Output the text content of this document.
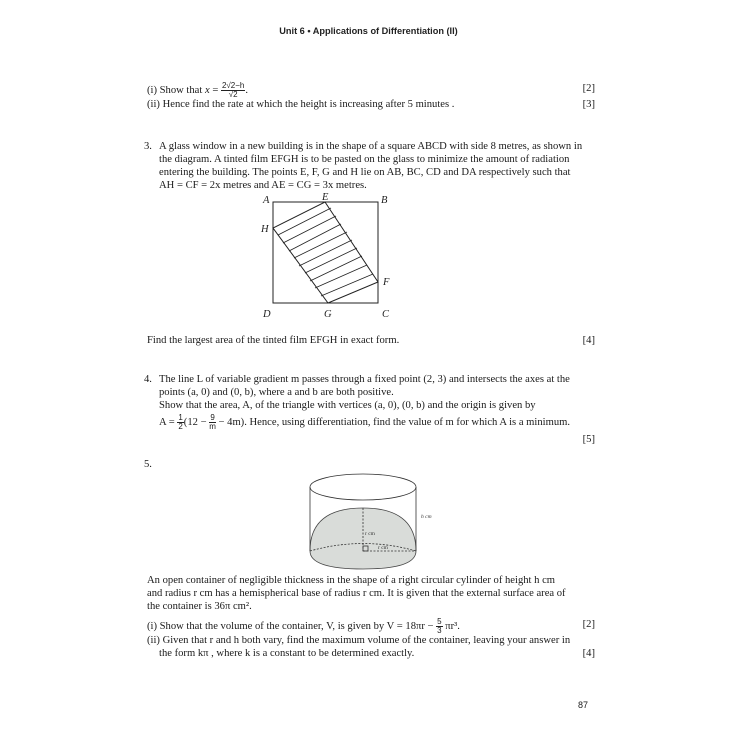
Unit 6 • Applications of Differentiation (II)
(i) Show that $x = \frac{2√2-h}{√2}$ .	[2]
(ii) Hence find the rate at which the height is increasing after 5 minutes .	[3]
3. A glass window in a new building is in the shape of a square ABCD with side 8 metres, as shown in
the diagram. A tinted film EFGH is to be pasted on the glass to minimize the amount of radiation
entering the building. The points E, F, G and H lie on AB, BC, CD and DA respectively such that
AH = CF = 2x metres and AE = CG = 3x metres.
A	E	B
H
F
D	G	C
h cm
r cm
r cm
Find the largest area of the tinted film EFGH in exact form.	[4]
4. The line L of variable gradient m passes through a fixed point (2, 3) and intersects the axes at the
points (a, 0) and (0, b), where a and b are both positive.
Show that the area, A, of the triangle with vertices (a, 0), (0, b) and the origin is given by
$A = \frac{1}{2} (12 - \frac{9}{m} - 4m)$. Hence, using differentiation, find the value of m for which A is a minimum.
[5]
5.
An open container of negligible thickness in the shape of a right circular cylinder of height h cm
and radius r cm has a hemispherical base of radius r cm. It is given that the external surface area of
the container is 36π cm².
(i) Show that the volume of the container, V, is given by $V = 18\pi r - \frac{5}{3} \pi r^3$.	[2]
(ii) Given that r and h both vary, find the maximum volume of the container, leaving your answer in
the form kπ , where k is a constant to be determined exactly.	[4]
87
